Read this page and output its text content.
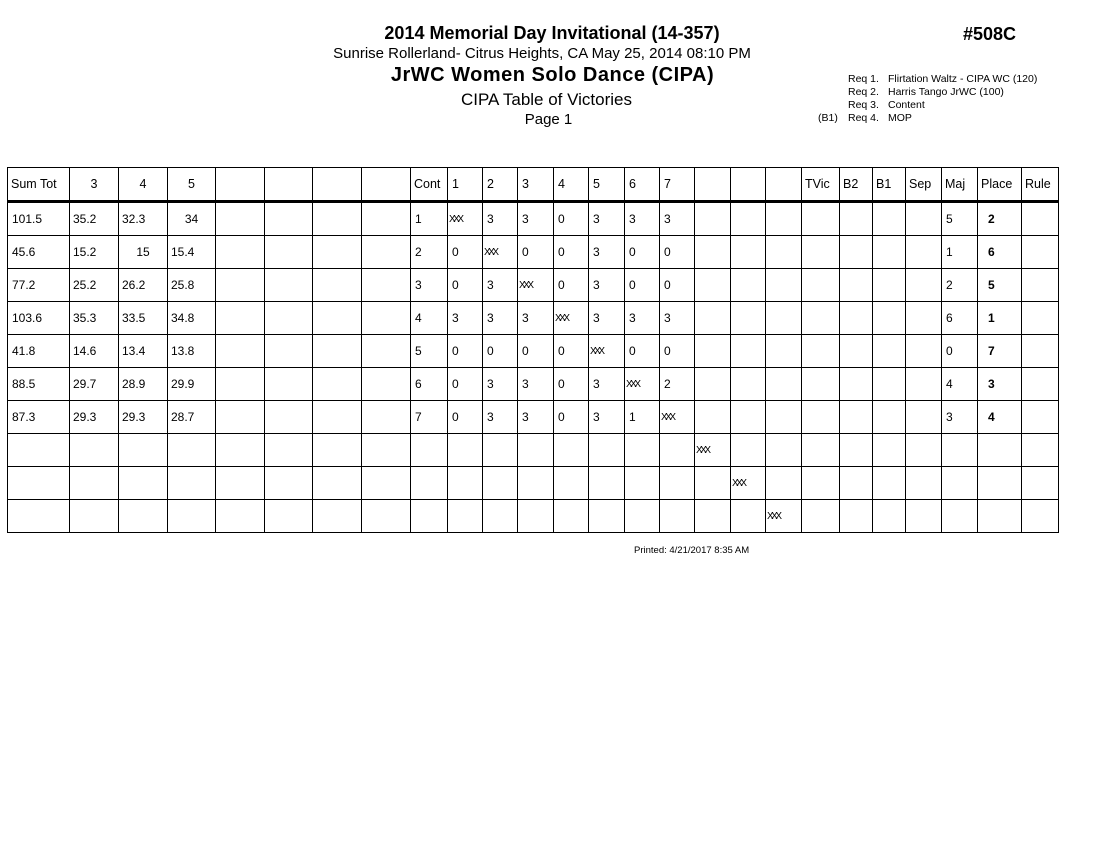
2014 Memorial Day Invitational (14-357)	#508C
Sunrise Rollerland- Citrus Heights, CA May 25, 2014 08:10 PM
JrWC Women Solo Dance (CIPA)
CIPA Table of Victories
Page 1
Req 1. Flirtation Waltz - CIPA WC (120)
Req 2. Harris Tango JrWC (100)
Req 3. Content
(B1) Req 4. MOP
Sum Tot	3	4	5					Cont	1	2	3	4	5	6	7				TVic	B2	B1	Sep	Maj	Place	Rule
101.5	35.2	32.3	34					1	XXX	3	3	0	3	3	3								5	2	
45.6	15.2	15	15.4					2	0	XXX	0	0	3	0	0								1	6	
77.2	25.2	26.2	25.8					3	0	3	XXX	0	3	0	0								2	5	
103.6	35.3	33.5	34.8					4	3	3	3	XXX	3	3	3								6	1	
41.8	14.6	13.4	13.8					5	0	0	0	0	XXX	0	0								0	7	
88.5	29.7	28.9	29.9					6	0	3	3	0	3	XXX	2								4	3	
87.3	29.3	29.3	28.7					7	0	3	3	0	3	1	XXX								3	4	
																XXX									
																	XXX								
																		XXX							
Printed: 4/21/2017 8:35 AM
